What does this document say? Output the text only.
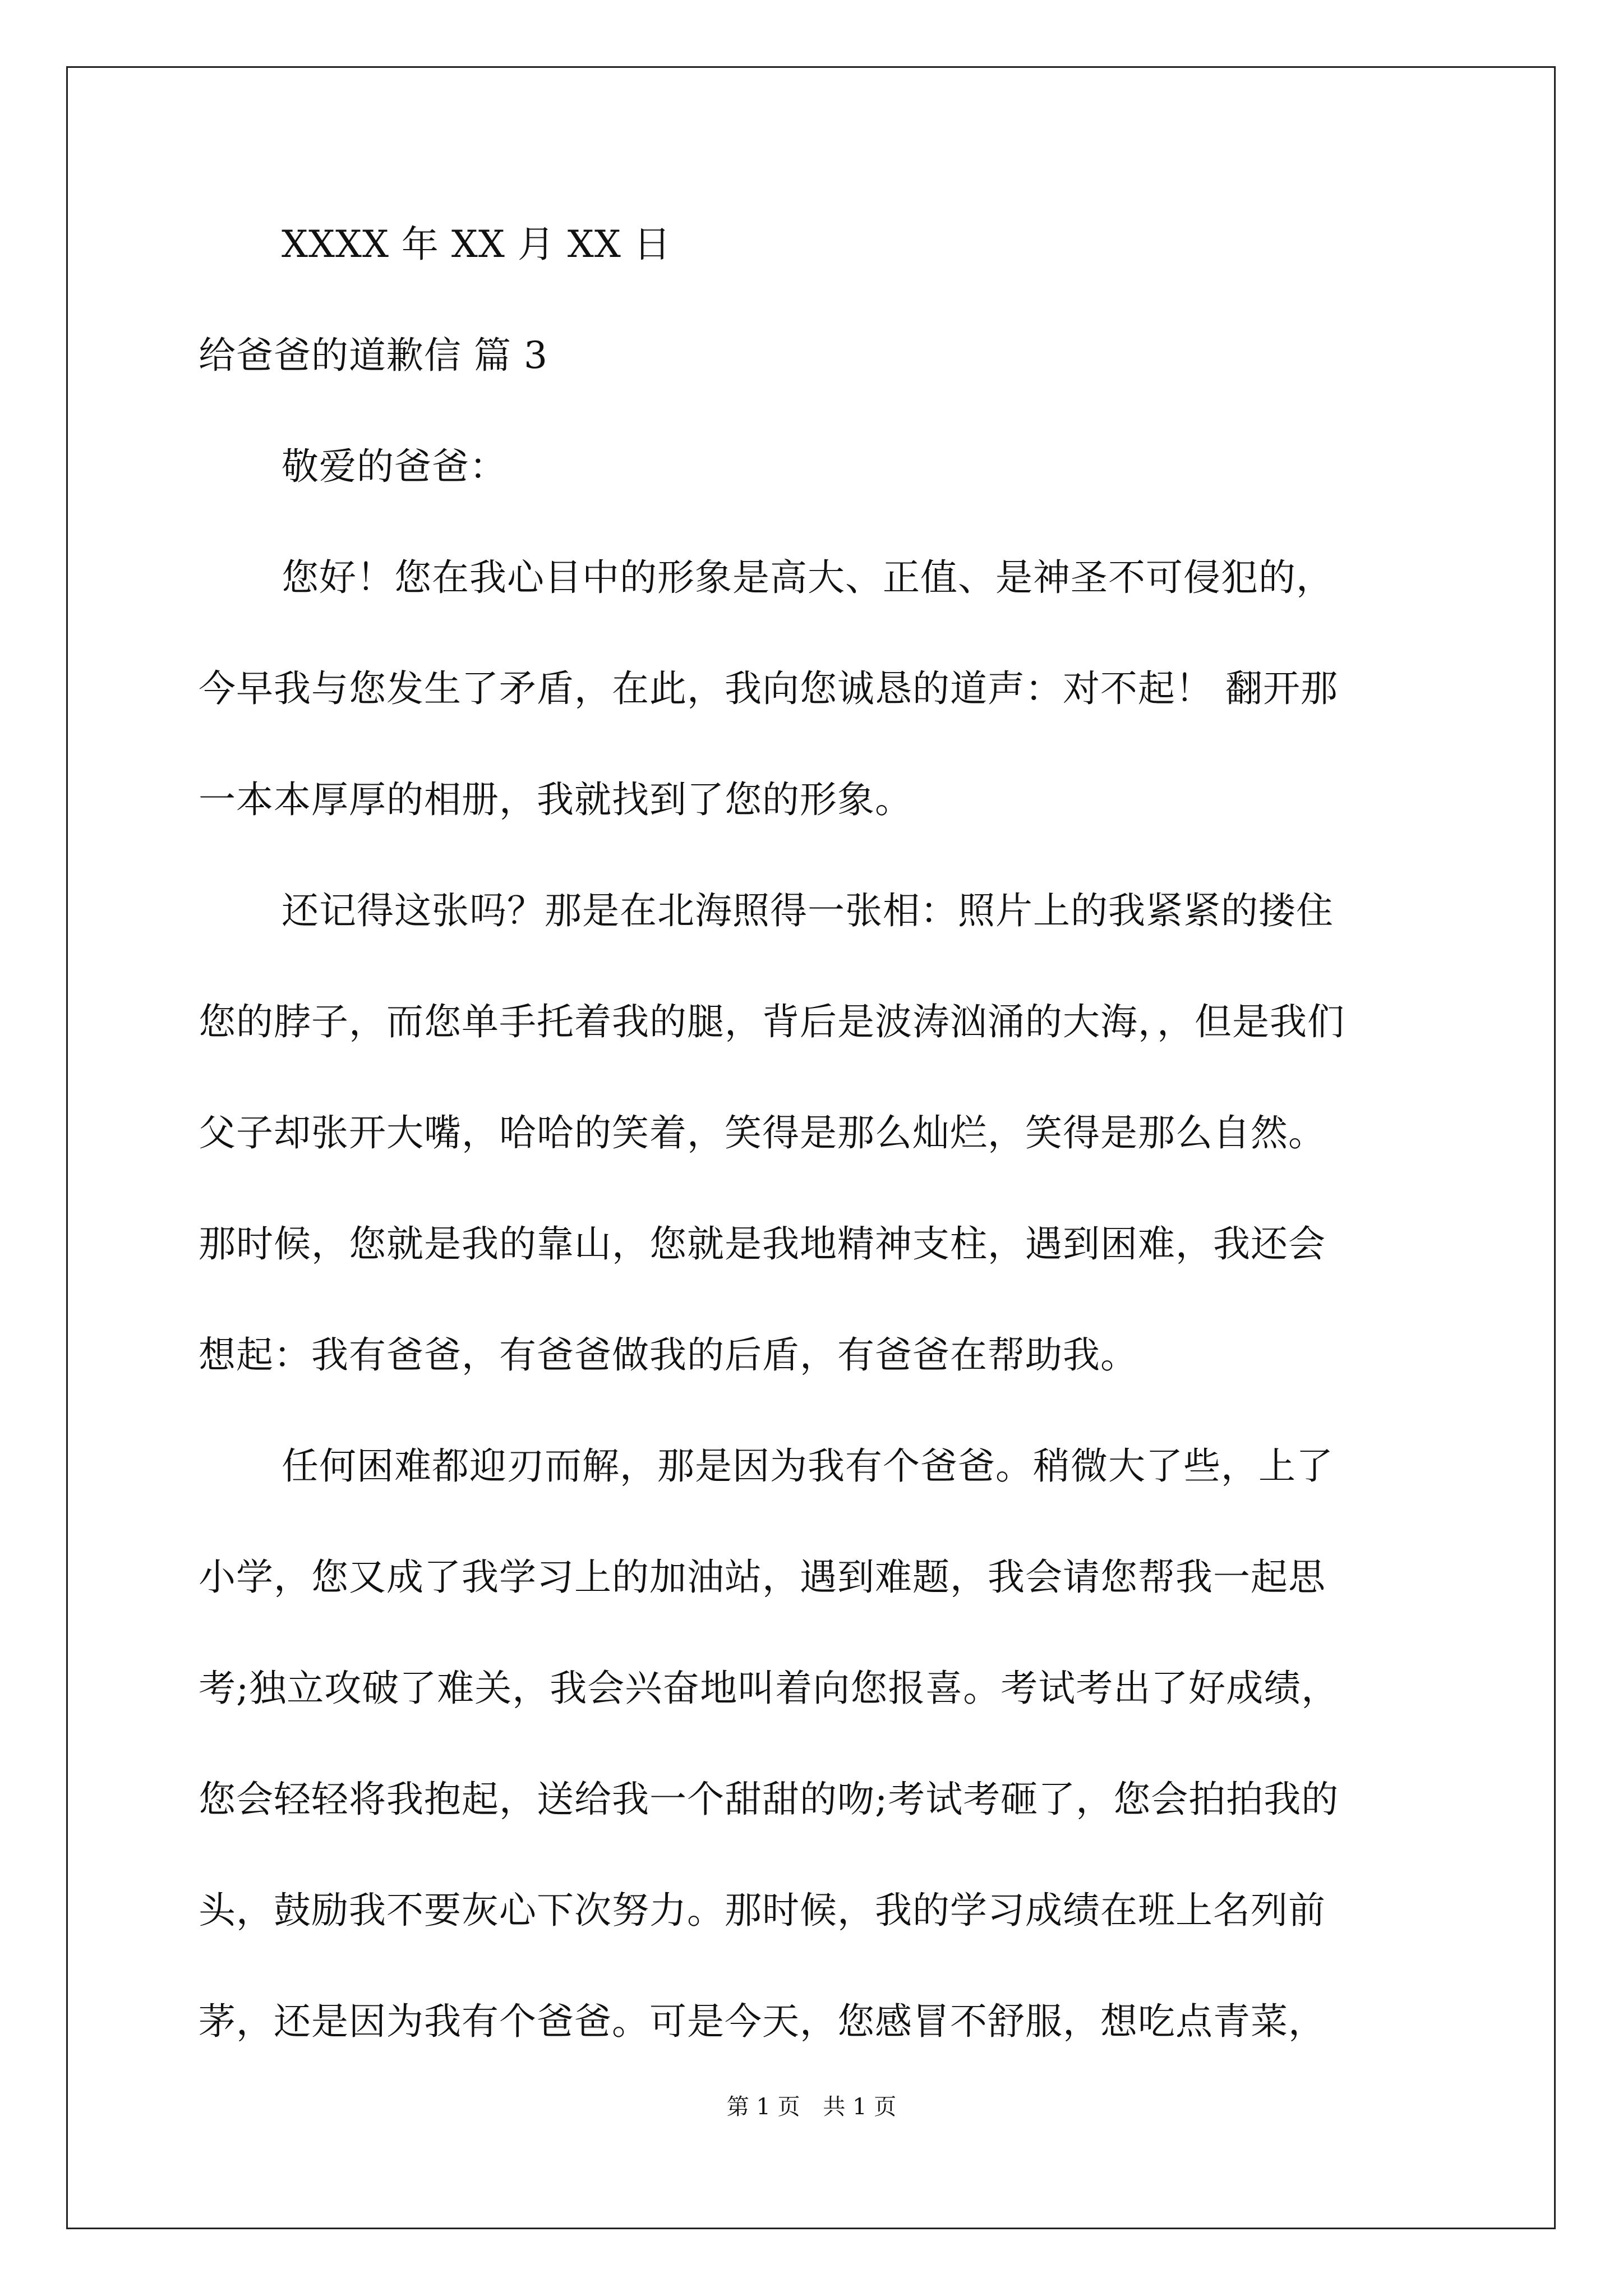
XXXX 年 XX 月 XX 日
给爸爸的道歉信 篇 3
敬爱的爸爸：
您好！您在我心目中的形象是高大、正值、是神圣不可侵犯的，
今早我与您发生了矛盾，在此，我向您诚恳的道声：对不起！ 翻开那
一本本厚厚的相册，我就找到了您的形象。
还记得这张吗？那是在北海照得一张相：照片上的我紧紧的搂住
您的脖子，而您单手托着我的腿，背后是波涛汹涌的大海，，但是我们
父子却张开大嘴，哈哈的笑着，笑得是那么灿烂，笑得是那么自然。
那时候，您就是我的靠山，您就是我地精神支柱，遇到困难，我还会
想起：我有爸爸，有爸爸做我的后盾，有爸爸在帮助我。
任何困难都迎刃而解，那是因为我有个爸爸。稍微大了些，上了
小学，您又成了我学习上的加油站，遇到难题，我会请您帮我一起思
考;独立攻破了难关，我会兴奋地叫着向您报喜。考试考出了好成绩，
您会轻轻将我抱起，送给我一个甜甜的吻;考试考砸了，您会拍拍我的
头，鼓励我不要灰心下次努力。那时候，我的学习成绩在班上名列前
茅，还是因为我有个爸爸。可是今天，您感冒不舒服，想吃点青菜，
第 1 页 共 1 页
